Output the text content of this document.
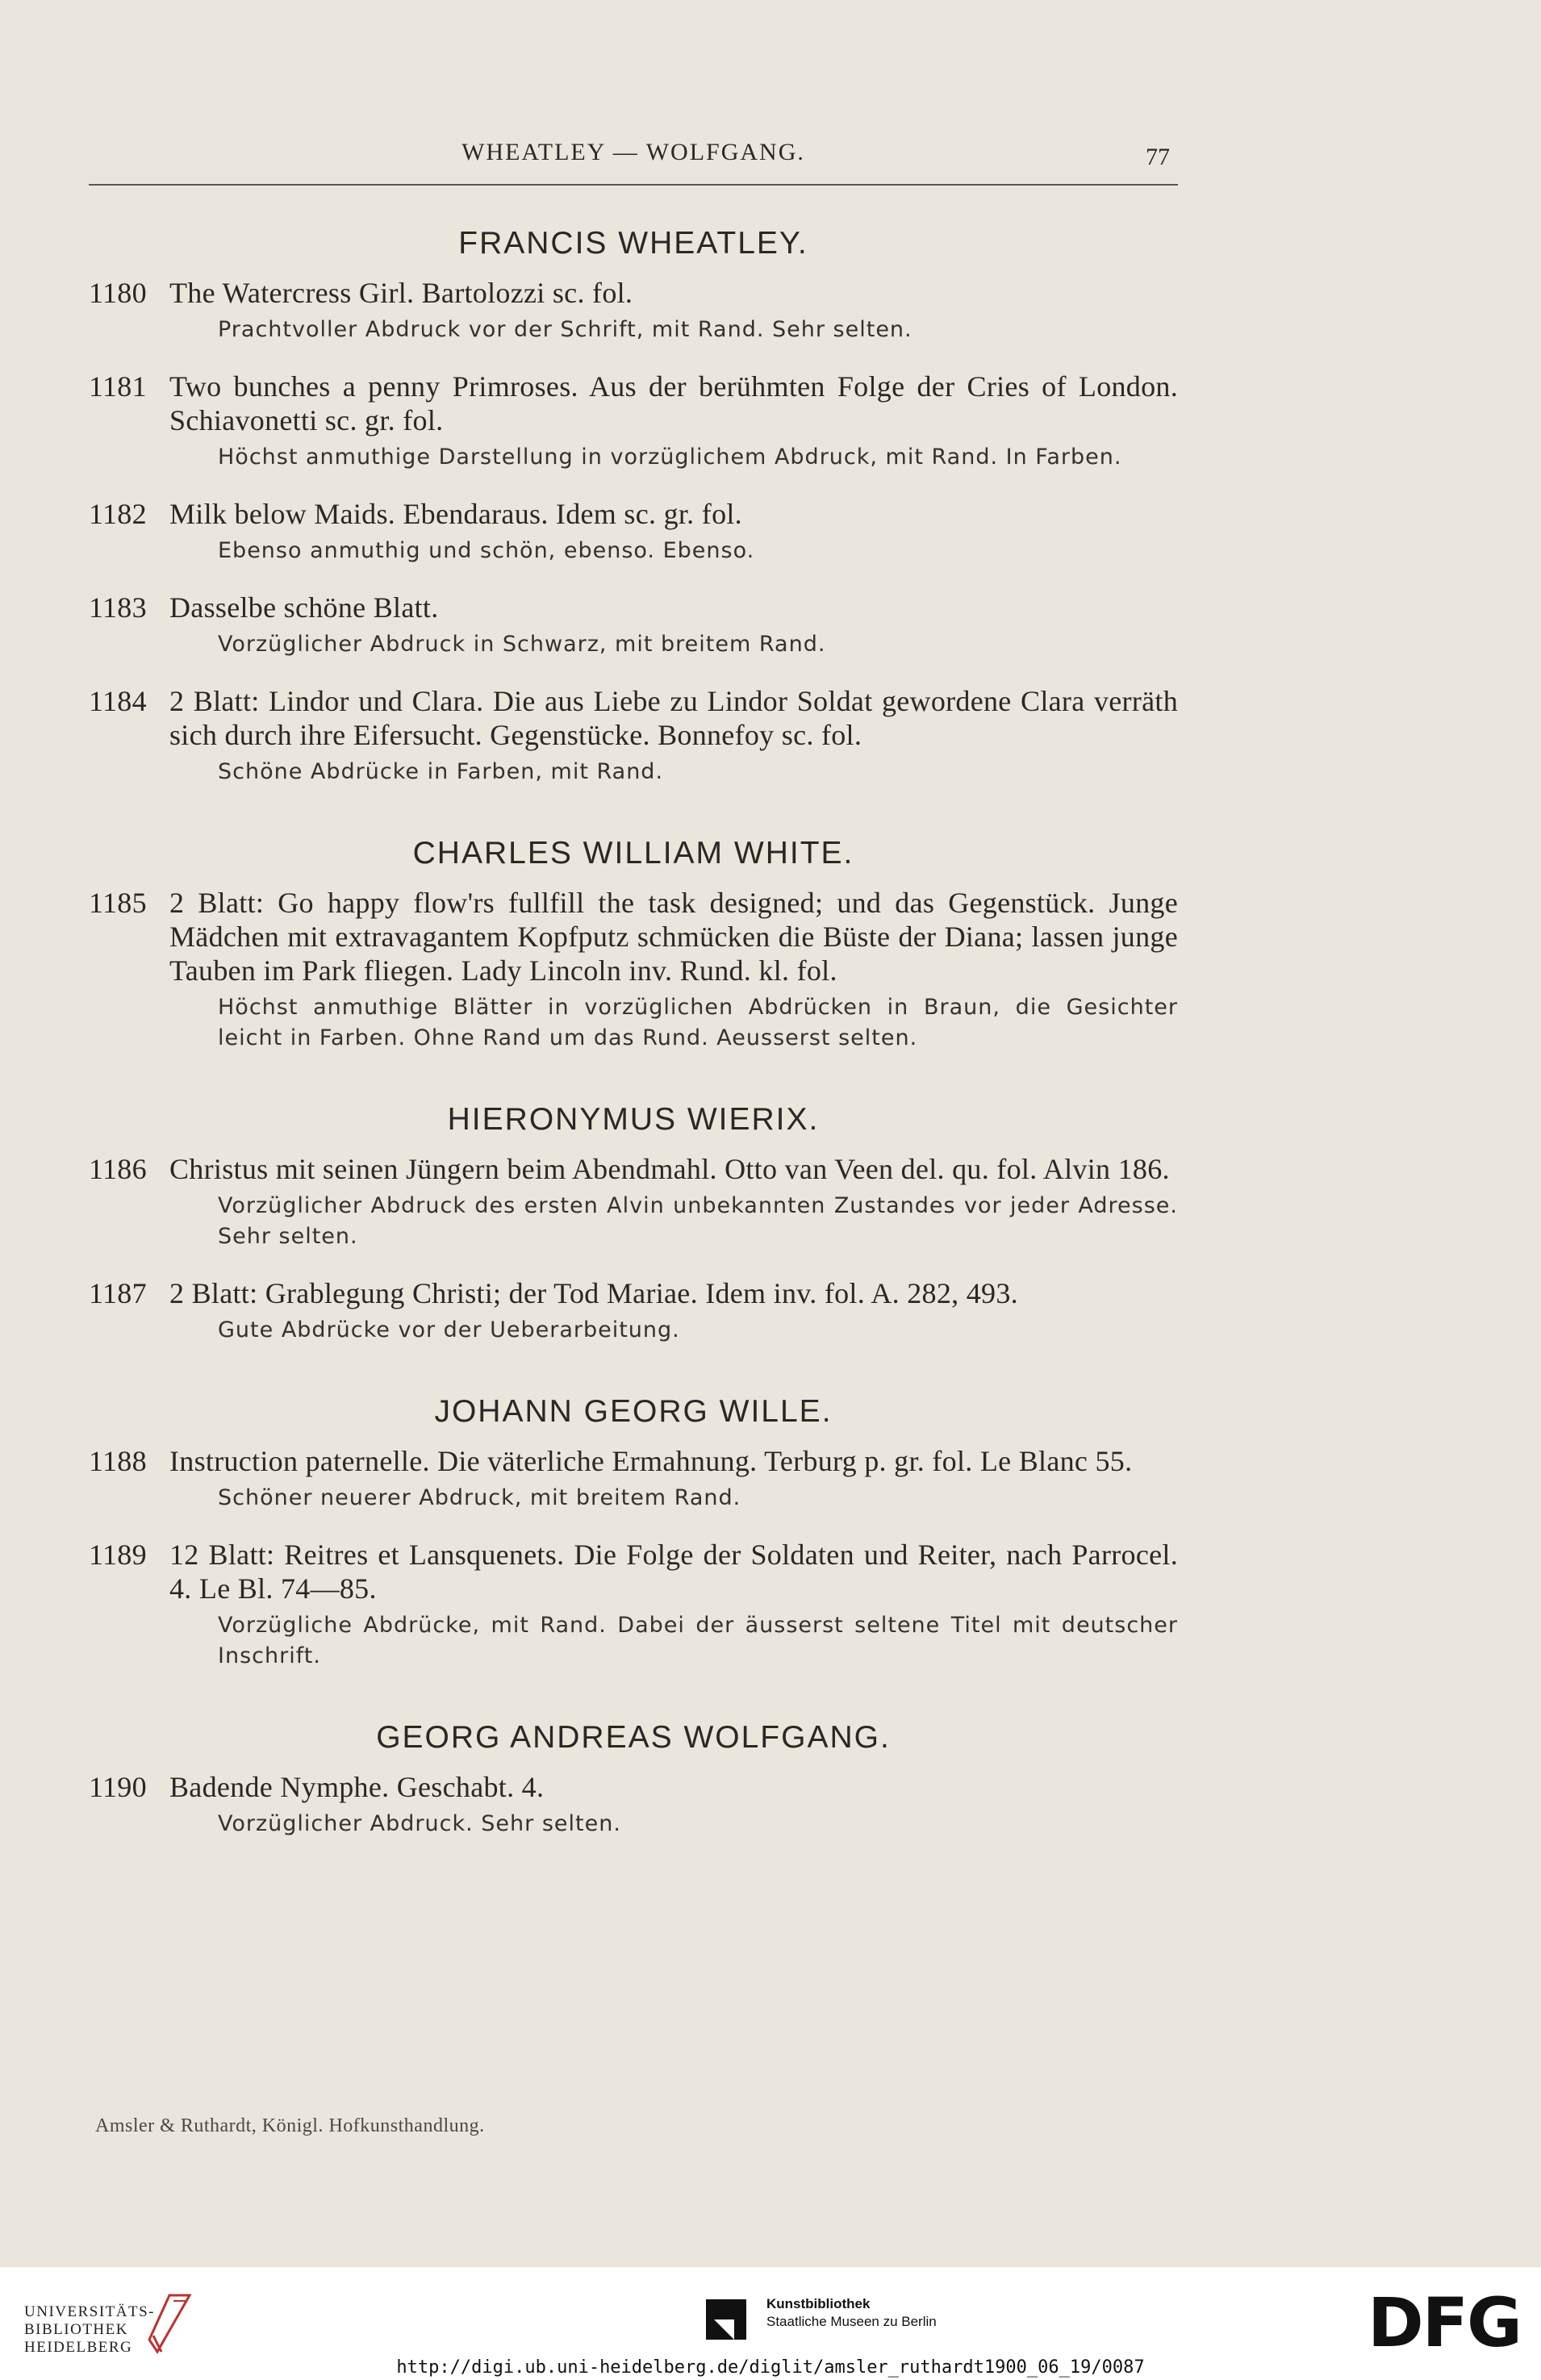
WHEATLEY — WOLFGANG.	77
FRANCIS WHEATLEY.
1180 The Watercress Girl. Bartolozzi sc. fol.
Prachtvoller Abdruck vor der Schrift, mit Rand. Sehr selten.
1181 Two bunches a penny Primroses. Aus der berühmten Folge der Cries of London. Schiavonetti sc. gr. fol.
Höchst anmuthige Darstellung in vorzüglichem Abdruck, mit Rand. In Farben.
1182 Milk below Maids. Ebendaraus. Idem sc. gr. fol.
Ebenso anmuthig und schön, ebenso. Ebenso.
1183 Dasselbe schöne Blatt.
Vorzüglicher Abdruck in Schwarz, mit breitem Rand.
1184 2 Blatt: Lindor und Clara. Die aus Liebe zu Lindor Soldat gewordene Clara verräth sich durch ihre Eifersucht. Gegenstücke. Bonnefoy sc. fol.
Schöne Abdrücke in Farben, mit Rand.
CHARLES WILLIAM WHITE.
1185 2 Blatt: Go happy flow'rs fullfill the task designed; und das Gegenstück. Junge Mädchen mit extravagantem Kopfputz schmücken die Büste der Diana; lassen junge Tauben im Park fliegen. Lady Lincoln inv. Rund. kl. fol.
Höchst anmuthige Blätter in vorzüglichen Abdrücken in Braun, die Gesichter leicht in Farben. Ohne Rand um das Rund. Aeusserst selten.
HIERONYMUS WIERIX.
1186 Christus mit seinen Jüngern beim Abendmahl. Otto van Veen del. qu. fol. Alvin 186.
Vorzüglicher Abdruck des ersten Alvin unbekannten Zustandes vor jeder Adresse. Sehr selten.
1187 2 Blatt: Grablegung Christi; der Tod Mariae. Idem inv. fol. A. 282, 493.
Gute Abdrücke vor der Ueberarbeitung.
JOHANN GEORG WILLE.
1188 Instruction paternelle. Die väterliche Ermahnung. Terburg p. gr. fol. Le Blanc 55.
Schöner neuerer Abdruck, mit breitem Rand.
1189 12 Blatt: Reitres et Lansquenets. Die Folge der Soldaten und Reiter, nach Parrocel. 4. Le Bl. 74—85.
Vorzügliche Abdrücke, mit Rand. Dabei der äusserst seltene Titel mit deutscher Inschrift.
GEORG ANDREAS WOLFGANG.
1190 Badende Nymphe. Geschabt. 4.
Vorzüglicher Abdruck. Sehr selten.
Amsler & Ruthardt, Königl. Hofkunsthandlung.
UNIVERSITÄTS-
BIBLIOTHEK
HEIDELBERG
Kunstbibliothek
Staatliche Museen zu Berlin	DFG
http://digi.ub.uni-heidelberg.de/diglit/amsler_ruthardt1900_06_19/0087
